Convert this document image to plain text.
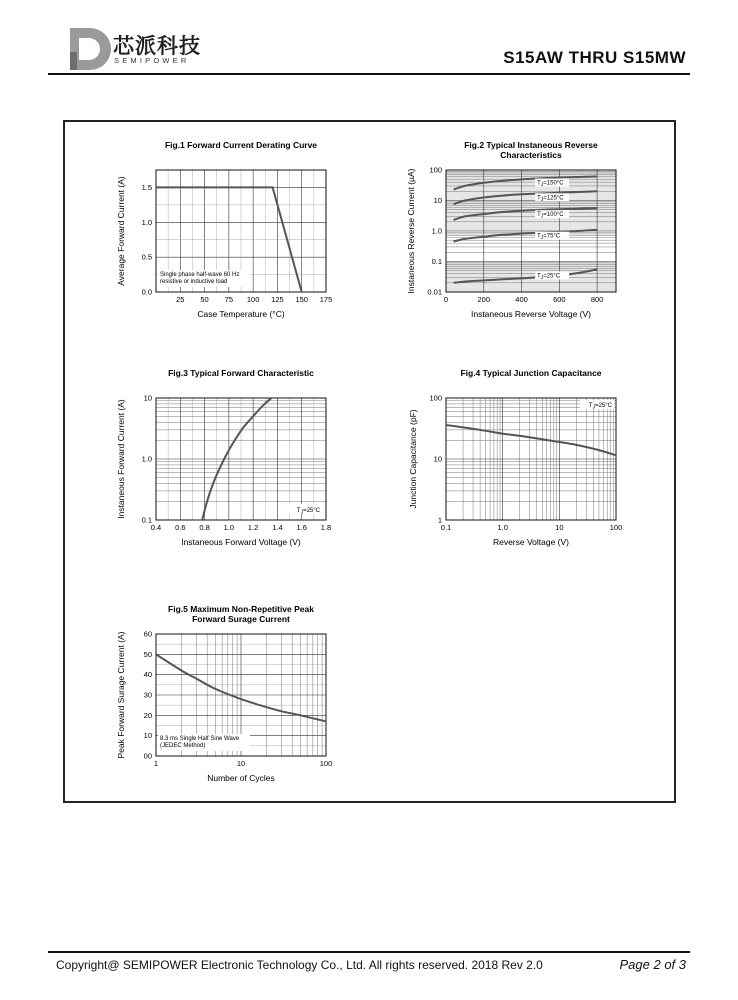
芯派科技
SEMIPOWER	S15AW THRU S15MW
Fig.1 Forward Current Derating Curve
25 50 75 100 125 150 175
0.0
0.5
1.0
1.5
Case Temperature (°C)
Average Forward Current (A)	Single phase half-wave 60 Hz
resistive or inductive load
Fig.2 Typical Instaneous Reverse
Characteristics
0	200	400	600	800
0.01
0.1
1.0
10
100
Instaneous Reverse Voltage (V)
Instaneous Reverse Current (µA)	$T_J=150^\circ C$
$T_J=125^\circ C$
$T_J=100^\circ C$
$T_J=75^\circ C$
$T_J=25^\circ C$
Fig.3 Typical Forward Characteristic
0.4 0.6 0.8 1.0 1.2 1.4 1.6 1.8
0.1
1.0
10
Instaneous Forward Voltage (V)
Instaneous Forward Current (A)	$T_J=25^\circ C$
Fig.4 Typical Junction Capacitance
0.1	1.0	10	100
1
10
100
Reverse Voltage (V)
Junction Capacitance (pF)
$T_J=25^\circ C$
Fig.5 Maximum Non-Repetitive Peak
Forward Surage Current
1	10	100
00
10
20
30
40
50
60
Number of Cycles
Peak Forward Surage Current (A)	8.3 ms Single Half Sine Wave
(JEDEC Method)
Copyright@ SEMIPOWER Electronic Technology Co., Ltd. All rights reserved. 2018 Rev 2.0	Page 2 of 3
